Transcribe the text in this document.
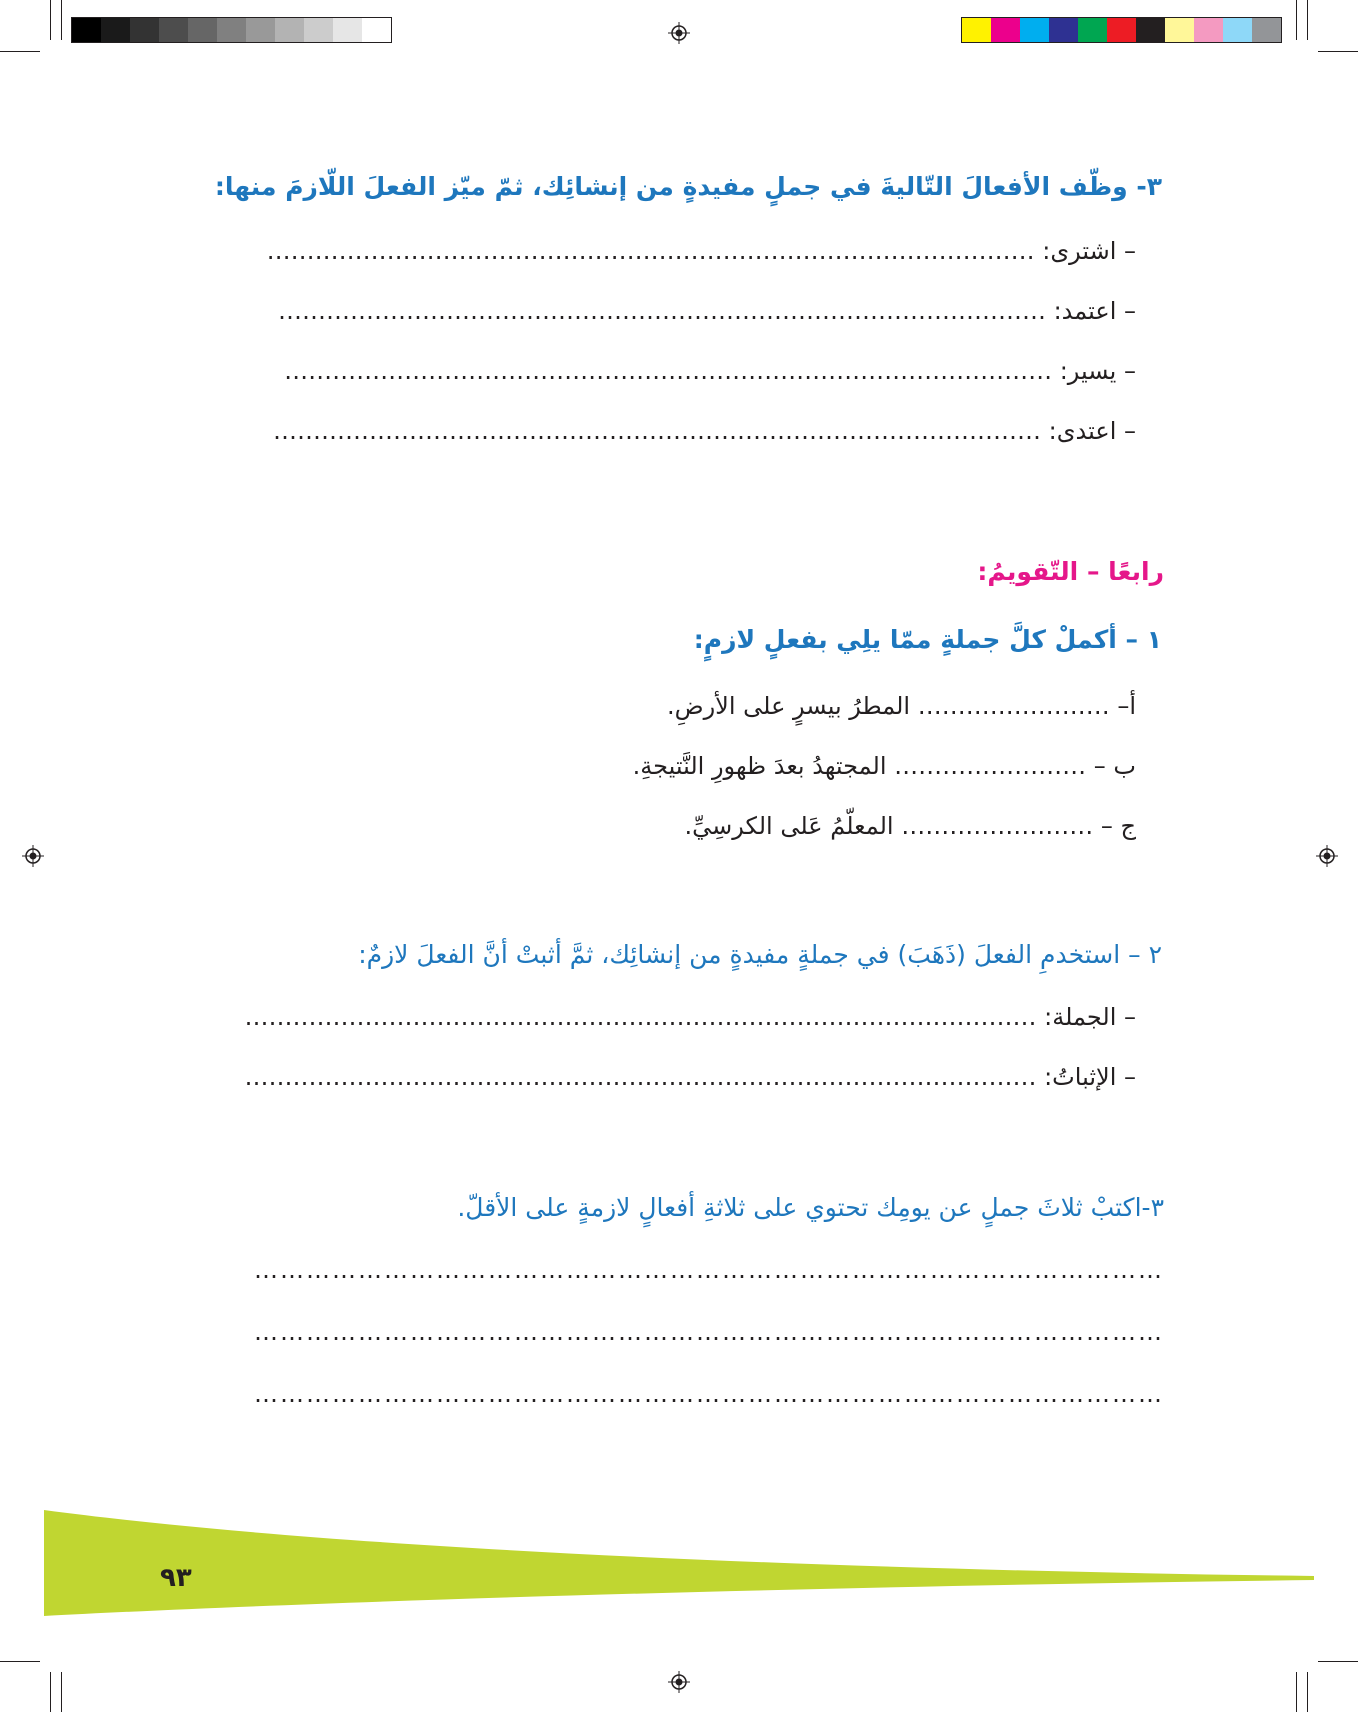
٣- وظّف الأفعالَ التّاليةَ في جملٍ مفيدةٍ من إنشائِك، ثمّ ميّز الفعلَ اللّازمَ منها:
– اشترى: ……………………………………………………………………………………
– اعتمد: ……………………………………………………………………………………
– يسير: ……………………………………………………………………………………
– اعتدى: ……………………………………………………………………………………
رابعًا – التّقويمُ:
١ – أكملْ كلَّ جملةٍ ممّا يلِي بفعلٍ لازمٍ:
أ– …………………… المطرُ بيسرٍ على الأرضِ.
ب – …………………… المجتهدُ بعدَ ظهورِ النَّتيجةِ.
ج – …………………… المعلّمُ عَلى الكرسِيِّ.
٢ – استخدمِ الفعلَ (ذَهَبَ) في جملةٍ مفيدةٍ من إنشائِك، ثمَّ أثبتْ أنَّ الفعلَ لازمٌ:
– الجملة: ………………………………………………………………………………………
– الإثباتُ: ………………………………………………………………………………………
٣-اكتبْ ثلاثَ جملٍ عن يومِك تحتوي على ثلاثةِ أفعالٍ لازمةٍ على الأقلّ.
……………………………………………………………………………………………
……………………………………………………………………………………………
……………………………………………………………………………………………
٩٣
